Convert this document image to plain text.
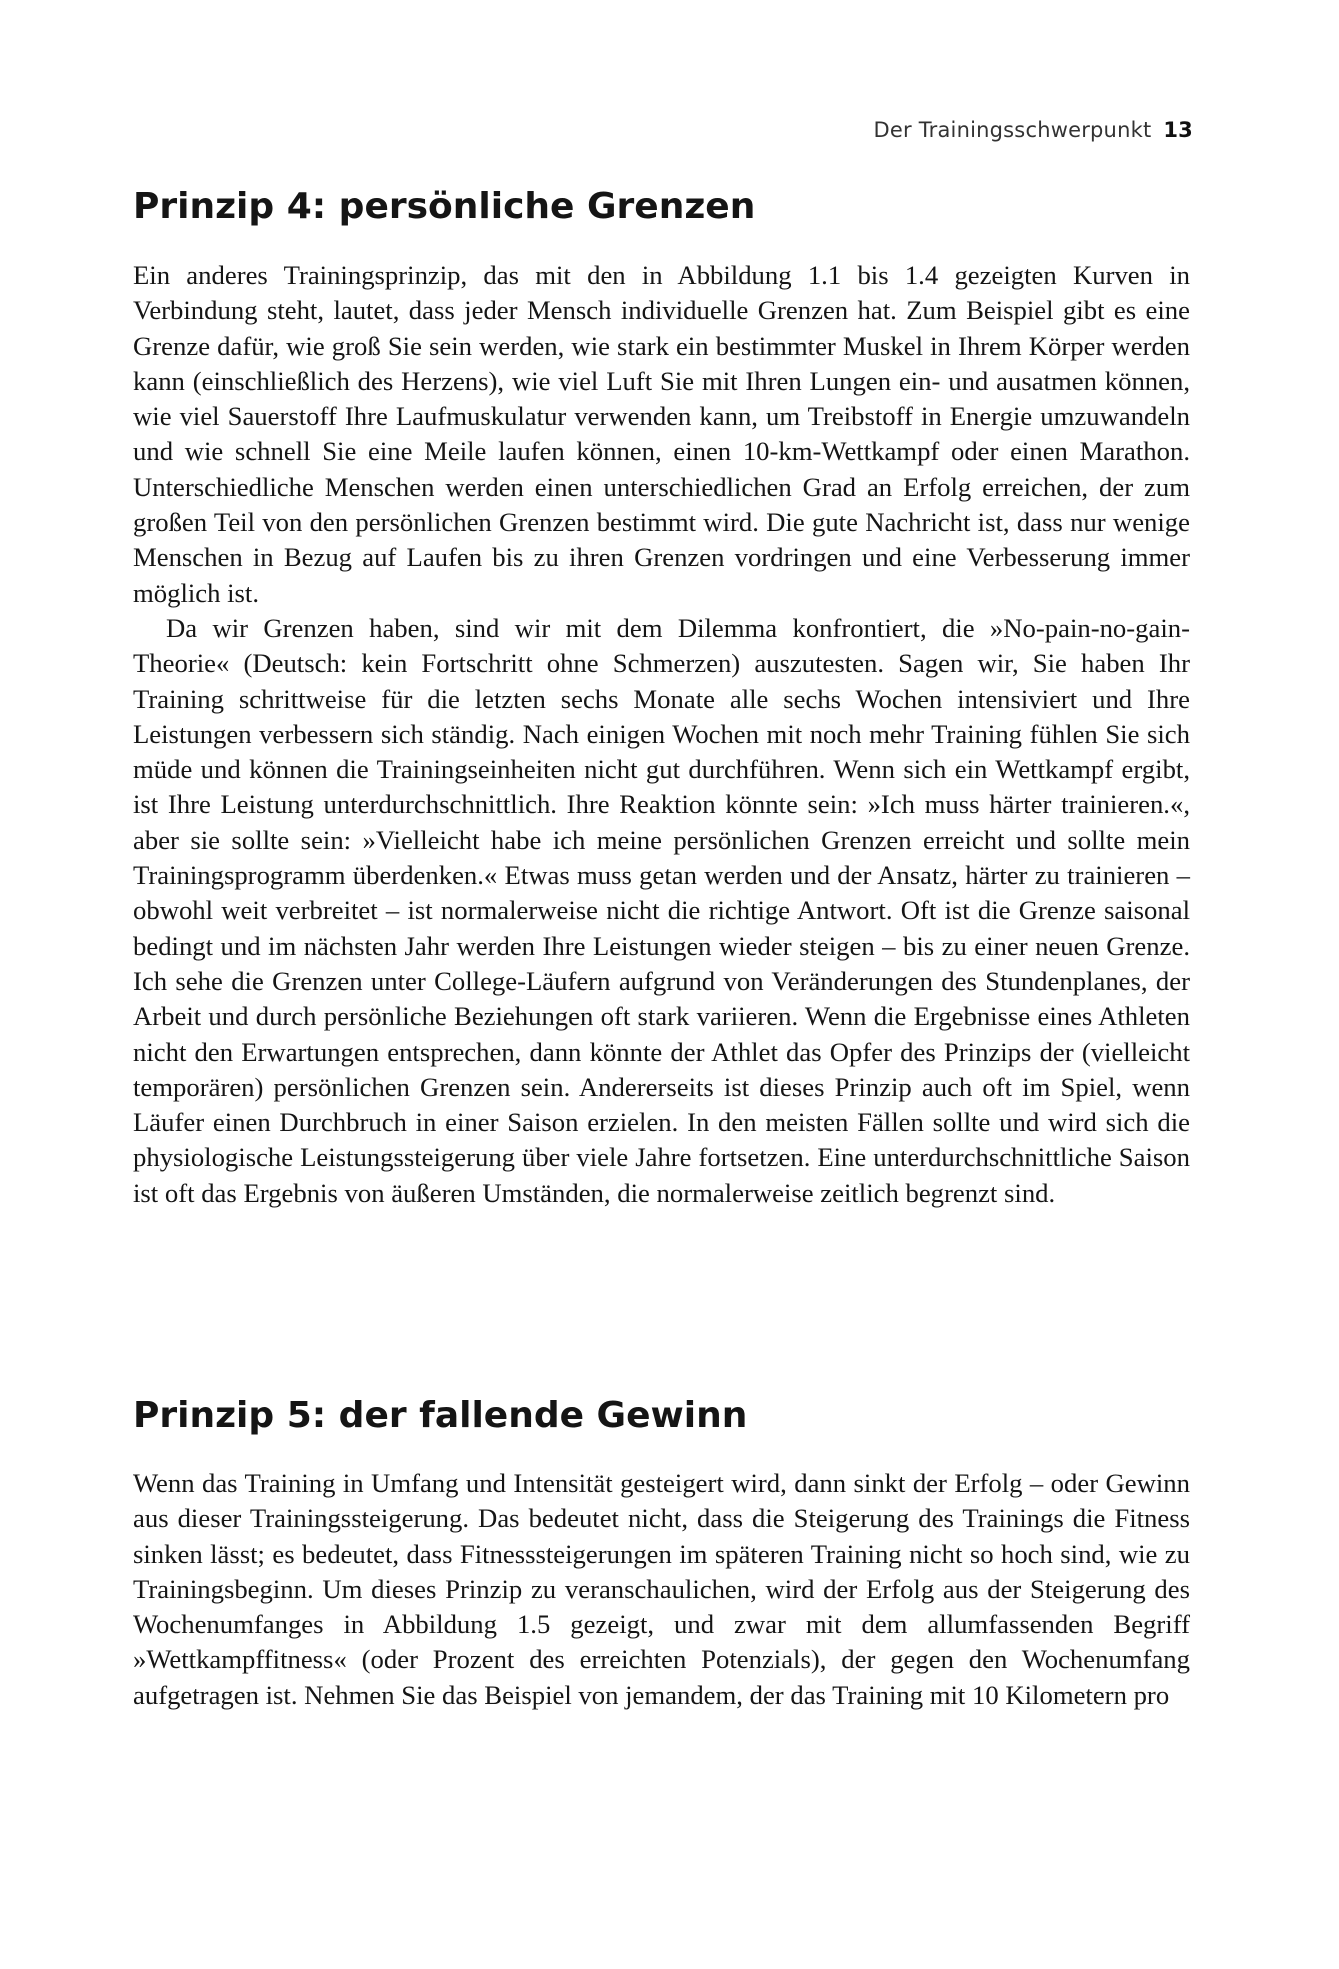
Der Trainingsschwerpunkt 13
Prinzip 4: persönliche Grenzen

Ein anderes Trainingsprinzip, das mit den in Abbildung 1.1 bis 1.4 gezeigten Kurven in Verbindung steht, lautet, dass jeder Mensch individuelle Grenzen hat. Zum Beispiel gibt es eine Grenze dafür, wie groß Sie sein werden, wie stark ein bestimmter Muskel in Ihrem Körper werden kann (einschließlich des Herzens), wie viel Luft Sie mit Ihren Lungen ein- und ausatmen können, wie viel Sauerstoff Ihre Laufmuskulatur verwenden kann, um Treibstoff in Energie umzuwandeln und wie schnell Sie eine Meile laufen können, einen 10-km-Wettkampf oder einen Marathon. Unterschiedliche Menschen werden einen unterschiedlichen Grad an Erfolg erreichen, der zum großen Teil von den persönlichen Grenzen bestimmt wird. Die gute Nachricht ist, dass nur wenige Menschen in Bezug auf Laufen bis zu ihren Grenzen vordringen und eine Verbesserung immer möglich ist.

Da wir Grenzen haben, sind wir mit dem Dilemma konfrontiert, die »No-pain-no-gain-Theorie« (Deutsch: kein Fortschritt ohne Schmerzen) auszutesten. Sagen wir, Sie haben Ihr Training schrittweise für die letzten sechs Monate alle sechs Wochen intensiviert und Ihre Leistungen verbessern sich ständig. Nach einigen Wochen mit noch mehr Training fühlen Sie sich müde und können die Trainingseinheiten nicht gut durchführen. Wenn sich ein Wettkampf ergibt, ist Ihre Leistung unterdurchschnittlich. Ihre Reaktion könnte sein: »Ich muss härter trainieren.«, aber sie sollte sein: »Vielleicht habe ich meine persönlichen Grenzen erreicht und sollte mein Trainingsprogramm überdenken.« Etwas muss getan werden und der Ansatz, härter zu trainieren – obwohl weit verbreitet – ist normalerweise nicht die richtige Antwort. Oft ist die Grenze saisonal bedingt und im nächsten Jahr werden Ihre Leistungen wieder steigen – bis zu einer neuen Grenze. Ich sehe die Grenzen unter College-Läufern aufgrund von Veränderungen des Stundenplanes, der Arbeit und durch persönliche Beziehungen oft stark variieren. Wenn die Ergebnisse eines Athleten nicht den Erwartungen entsprechen, dann könnte der Athlet das Opfer des Prinzips der (vielleicht temporären) persönlichen Grenzen sein. Andererseits ist dieses Prinzip auch oft im Spiel, wenn Läufer einen Durchbruch in einer Saison erzielen. In den meisten Fällen sollte und wird sich die physiologische Leistungssteigerung über viele Jahre fortsetzen. Eine unterdurchschnittliche Saison ist oft das Ergebnis von äußeren Umständen, die normalerweise zeitlich begrenzt sind.

Prinzip 5: der fallende Gewinn

Wenn das Training in Umfang und Intensität gesteigert wird, dann sinkt der Erfolg – oder Gewinn aus dieser Trainingssteigerung. Das bedeutet nicht, dass die Steigerung des Trainings die Fitness sinken lässt; es bedeutet, dass Fitnesssteigerungen im späteren Training nicht so hoch sind, wie zu Trainingsbeginn. Um dieses Prinzip zu veranschaulichen, wird der Erfolg aus der Steigerung des Wochenumfanges in Abbildung 1.5 gezeigt, und zwar mit dem allumfassenden Begriff »Wettkampffitness« (oder Prozent des erreichten Potenzials), der gegen den Wochenumfang aufgetragen ist. Nehmen Sie das Beispiel von jemandem, der das Training mit 10 Kilometern pro
